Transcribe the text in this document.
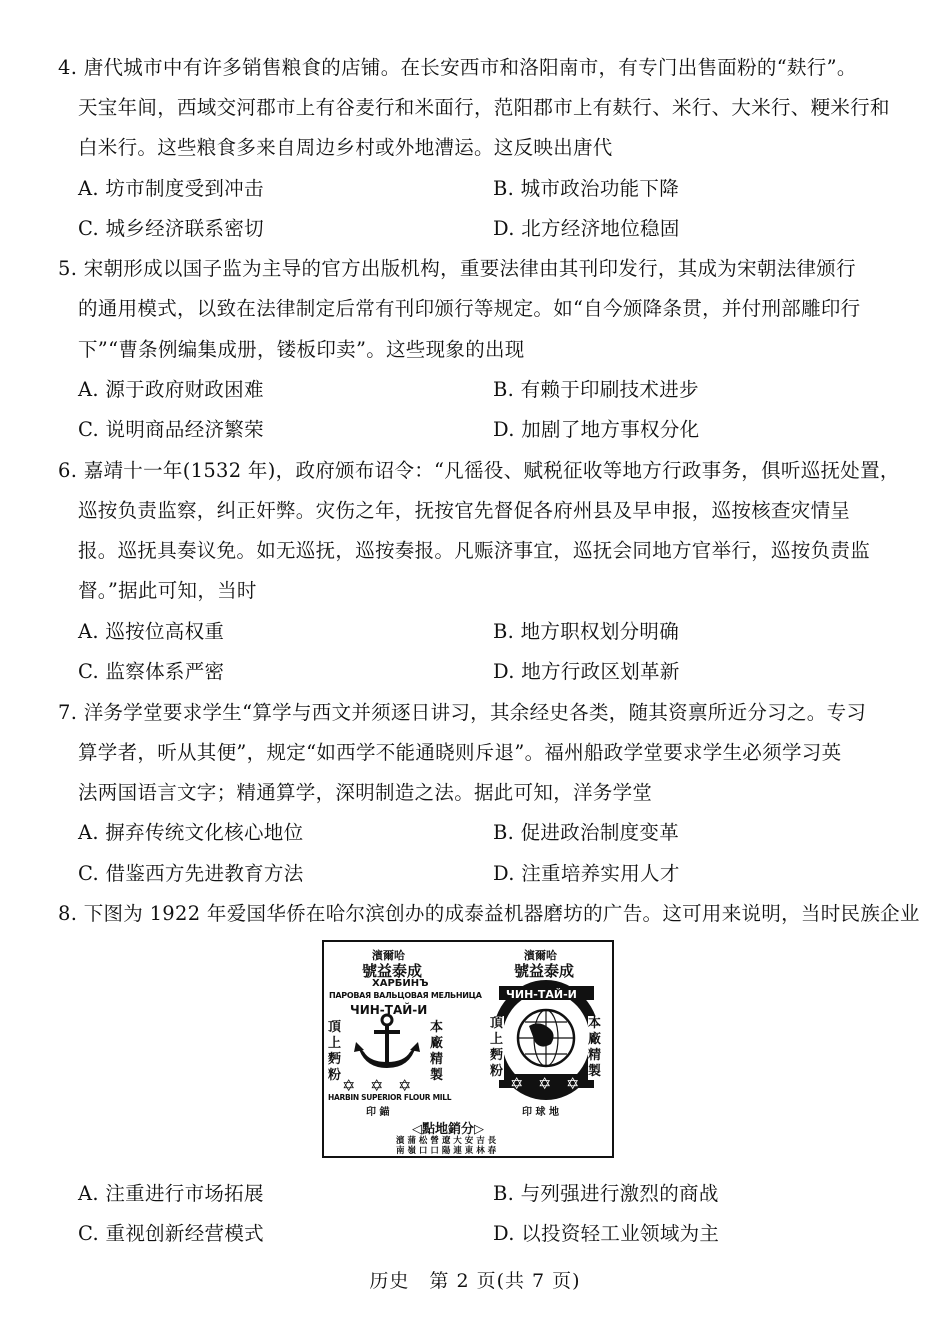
4. 唐代城市中有许多销售粮食的店铺。在长安西市和洛阳南市，有专门出售面粉的“麸行”。
天宝年间，西域交河郡市上有谷麦行和米面行，范阳郡市上有麸行、米行、大米行、粳米行和
白米行。这些粮食多来自周边乡村或外地漕运。这反映出唐代
A. 坊市制度受到冲击	B. 城市政治功能下降
C. 城乡经济联系密切	D. 北方经济地位稳固
5. 宋朝形成以国子监为主导的官方出版机构，重要法律由其刊印发行，其成为宋朝法律颁行
的通用模式，以致在法律制定后常有刊印颁行等规定。如“自今颁降条贯，并付刑部雕印行
下”“曹条例编集成册，镂板印卖”。这些现象的出现
A. 源于政府财政困难	B. 有赖于印刷技术进步
C. 说明商品经济繁荣	D. 加剧了地方事权分化
6. 嘉靖十一年(1532 年)，政府颁布诏令：“凡徭役、赋税征收等地方行政事务，俱听巡抚处置，
巡按负责监察，纠正奸弊。灾伤之年，抚按官先督促各府州县及早申报，巡按核查灾情呈
报。巡抚具奏议免。如无巡抚，巡按奏报。凡赈济事宜，巡抚会同地方官举行，巡按负责监
督。”据此可知，当时
A. 巡按位高权重	B. 地方职权划分明确
C. 监察体系严密	D. 地方行政区划革新
7. 洋务学堂要求学生“算学与西文并须逐日讲习，其余经史各类，随其资禀所近分习之。专习
算学者，听从其便”，规定“如西学不能通晓则斥退”。福州船政学堂要求学生必须学习英
法两国语言文字；精通算学，深明制造之法。据此可知，洋务学堂
A. 摒弃传统文化核心地位	B. 促进政治制度变革
C. 借鉴西方先进教育方法	D. 注重培养实用人才
8. 下图为 1922 年爱国华侨在哈尔滨创办的成泰益机器磨坊的广告。这可用来说明，当时民族企业
濱爾哈
號益泰成
ХАРБИНЪ
ПАРОВАЯ ВАЛЬЦОВАЯ МЕЛЬНИЦА
ЧИН-ТАЙ-И
頂上麪粉
本廠精製
✡ ✡ ✡
HARBIN SUPERIOR FLOUR MILL
印 錨
濱爾哈
號益泰成
ЧИН-ТАЙ-И
頂上麪粉
本廠精製
✡ ✡ ✡
印 球 地
◁點地銷分▷
濱 蒲 松 營 遼 大 安 吉 長
南 嶺 口 口 陽 連 東 林 春
A. 注重进行市场拓展	B. 与列强进行激烈的商战
C. 重视创新经营模式	D. 以投资轻工业领域为主
历史　第 2 页(共 7 页)
